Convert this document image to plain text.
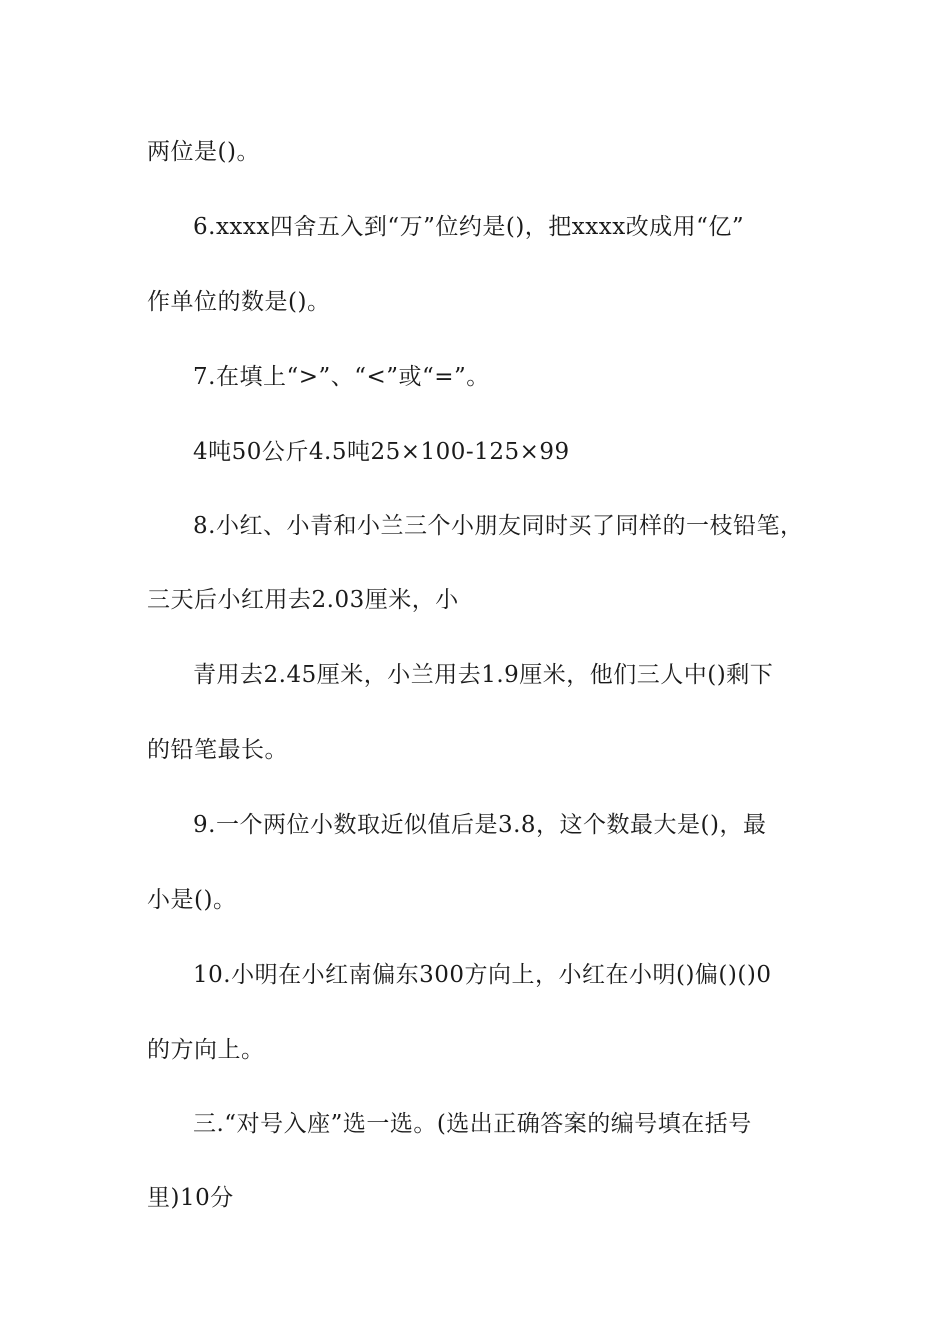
两位是()。
6.xxxx四舍五入到“万”位约是()，把xxxx改成用“亿”
作单位的数是()。
7.在填上“>”、“<”或“=”。
4吨50公斤4.5吨25×100-125×99
8.小红、小青和小兰三个小朋友同时买了同样的一枝铅笔，
三天后小红用去2.03厘米，小
青用去2.45厘米，小兰用去1.9厘米，他们三人中()剩下
的铅笔最长。
9.一个两位小数取近似值后是3.8，这个数最大是()，最
小是()。
10.小明在小红南偏东300方向上，小红在小明()偏()()0
的方向上。
三.“对号入座”选一选。(选出正确答案的编号填在括号
里)10分
